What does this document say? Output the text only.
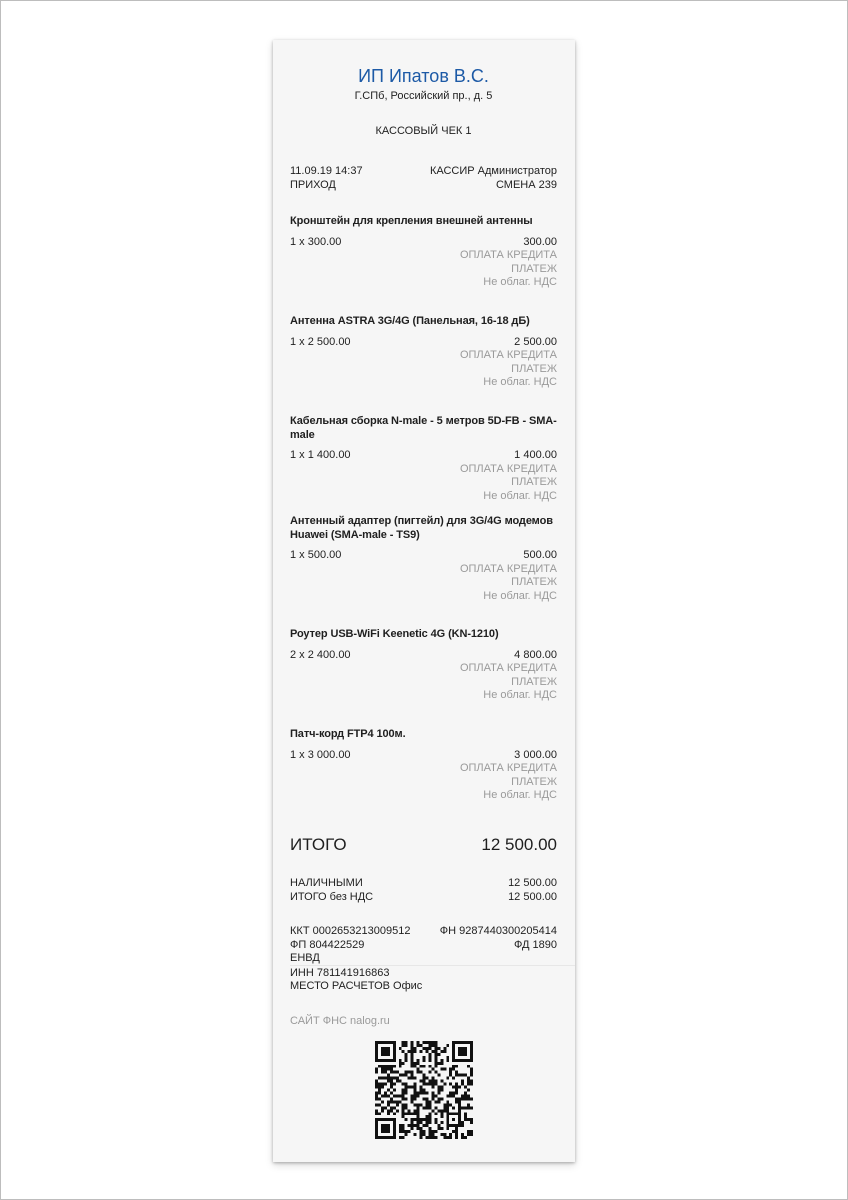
ИП Ипатов В.С.
Г.СПб, Российский пр., д. 5
КАССОВЫЙ ЧЕК 1
11.09.19 14:37	КАССИР Администратор
ПРИХОД	СМЕНА 239
Кронштейн для крепления внешней антенны
1 x 300.00	300.00
ОПЛАТА КРЕДИТА
ПЛАТЕЖ
Не облаг. НДС
Антенна ASTRA 3G/4G (Панельная, 16-18 дБ)
1 x 2 500.00	2 500.00
ОПЛАТА КРЕДИТА
ПЛАТЕЖ
Не облаг. НДС
Кабельная сборка N-male - 5 метров 5D-FB - SMA-male
1 x 1 400.00	1 400.00
ОПЛАТА КРЕДИТА
ПЛАТЕЖ
Не облаг. НДС
Антенный адаптер (пигтейл) для 3G/4G модемов Huawei (SMA-male - TS9)
1 x 500.00	500.00
ОПЛАТА КРЕДИТА
ПЛАТЕЖ
Не облаг. НДС
Роутер USB-WiFi Keenetic 4G (KN-1210)
2 x 2 400.00	4 800.00
ОПЛАТА КРЕДИТА
ПЛАТЕЖ
Не облаг. НДС
Патч-корд FTP4 100м.
1 x 3 000.00	3 000.00
ОПЛАТА КРЕДИТА
ПЛАТЕЖ
Не облаг. НДС
ИТОГО	12 500.00
НАЛИЧНЫМИ	12 500.00
ИТОГО без НДС	12 500.00
ККТ 0002653213009512	ФН 9287440300205414
ФП 804422529	ФД 1890
ЕНВД
ИНН 781141916863
МЕСТО РАСЧЕТОВ Офис
САЙТ ФНС nalog.ru
